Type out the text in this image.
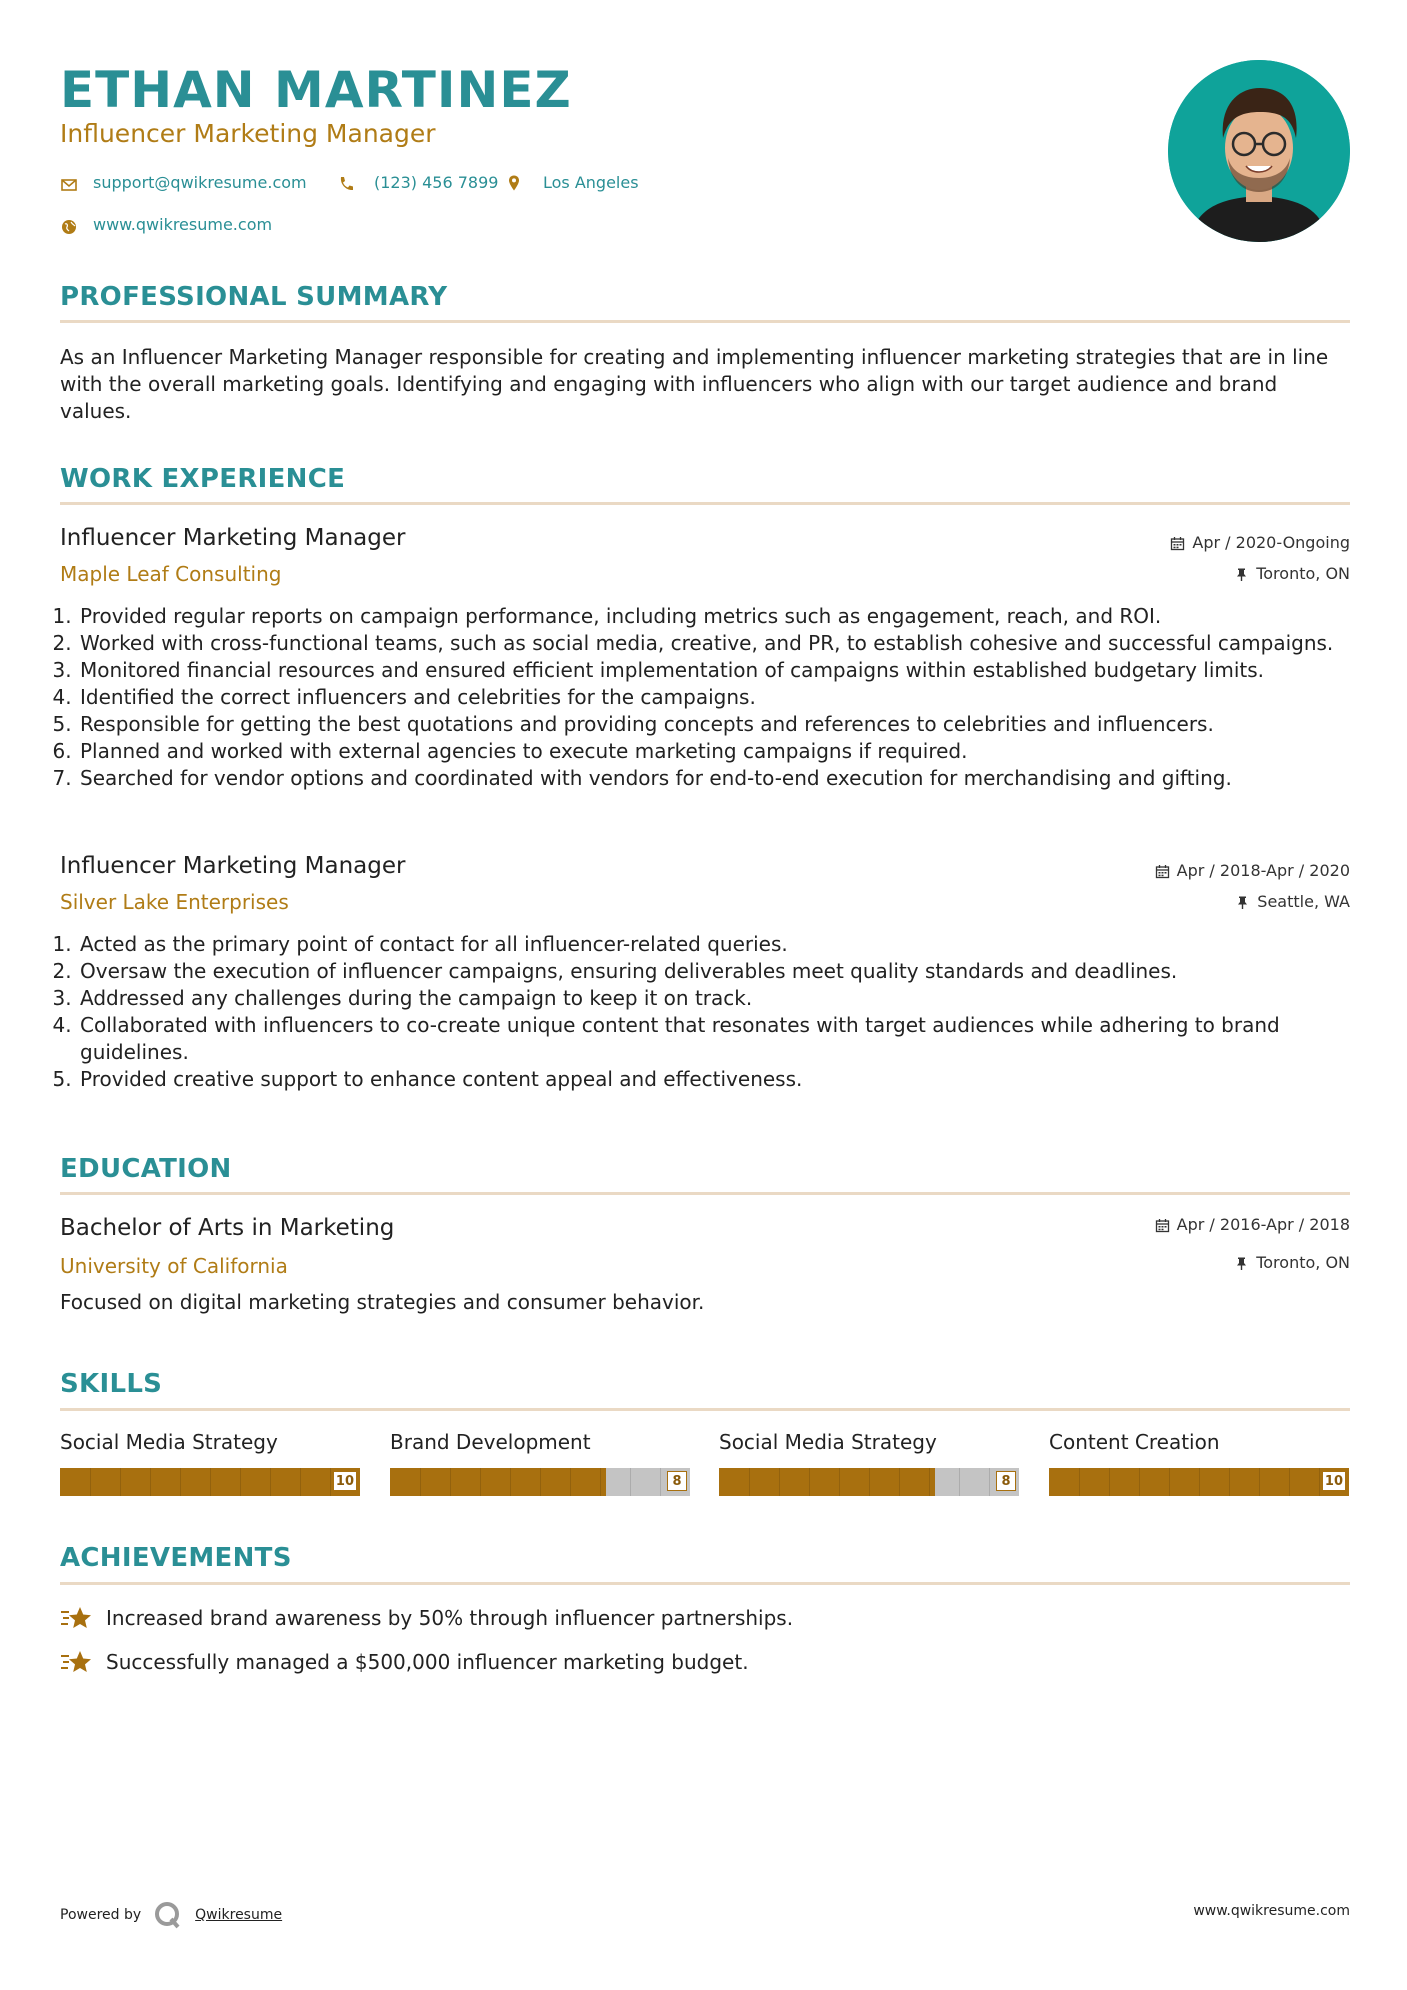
ETHAN MARTINEZ
Influencer Marketing Manager
support@qwikresume.com	(123) 456 7899	Los Angeles
www.qwikresume.com
PROFESSIONAL SUMMARY
As an Influencer Marketing Manager responsible for creating and implementing influencer marketing strategies that are in line with the overall marketing goals. Identifying and engaging with influencers who align with our target audience and brand values.
WORK EXPERIENCE
Influencer Marketing Manager	Apr / 2020-Ongoing
Maple Leaf Consulting	Toronto, ON
1. Provided regular reports on campaign performance, including metrics such as engagement, reach, and ROI.
2. Worked with cross-functional teams, such as social media, creative, and PR, to establish cohesive and successful campaigns.
3. Monitored financial resources and ensured efficient implementation of campaigns within established budgetary limits.
4. Identified the correct influencers and celebrities for the campaigns.
5. Responsible for getting the best quotations and providing concepts and references to celebrities and influencers.
6. Planned and worked with external agencies to execute marketing campaigns if required.
7. Searched for vendor options and coordinated with vendors for end-to-end execution for merchandising and gifting.
Influencer Marketing Manager	Apr / 2018-Apr / 2020
Silver Lake Enterprises	Seattle, WA
1. Acted as the primary point of contact for all influencer-related queries.
2. Oversaw the execution of influencer campaigns, ensuring deliverables meet quality standards and deadlines.
3. Addressed any challenges during the campaign to keep it on track.
4. Collaborated with influencers to co-create unique content that resonates with target audiences while adhering to brand guidelines.
5. Provided creative support to enhance content appeal and effectiveness.
EDUCATION
Bachelor of Arts in Marketing	Apr / 2016-Apr / 2018
University of California	Toronto, ON
Focused on digital marketing strategies and consumer behavior.
SKILLS
Social Media Strategy
10
Brand Development
8
Social Media Strategy
8
Content Creation
10
ACHIEVEMENTS
Increased brand awareness by 50% through influencer partnerships.
Successfully managed a $500,000 influencer marketing budget.
Powered by	Qwikresume	www.qwikresume.com
